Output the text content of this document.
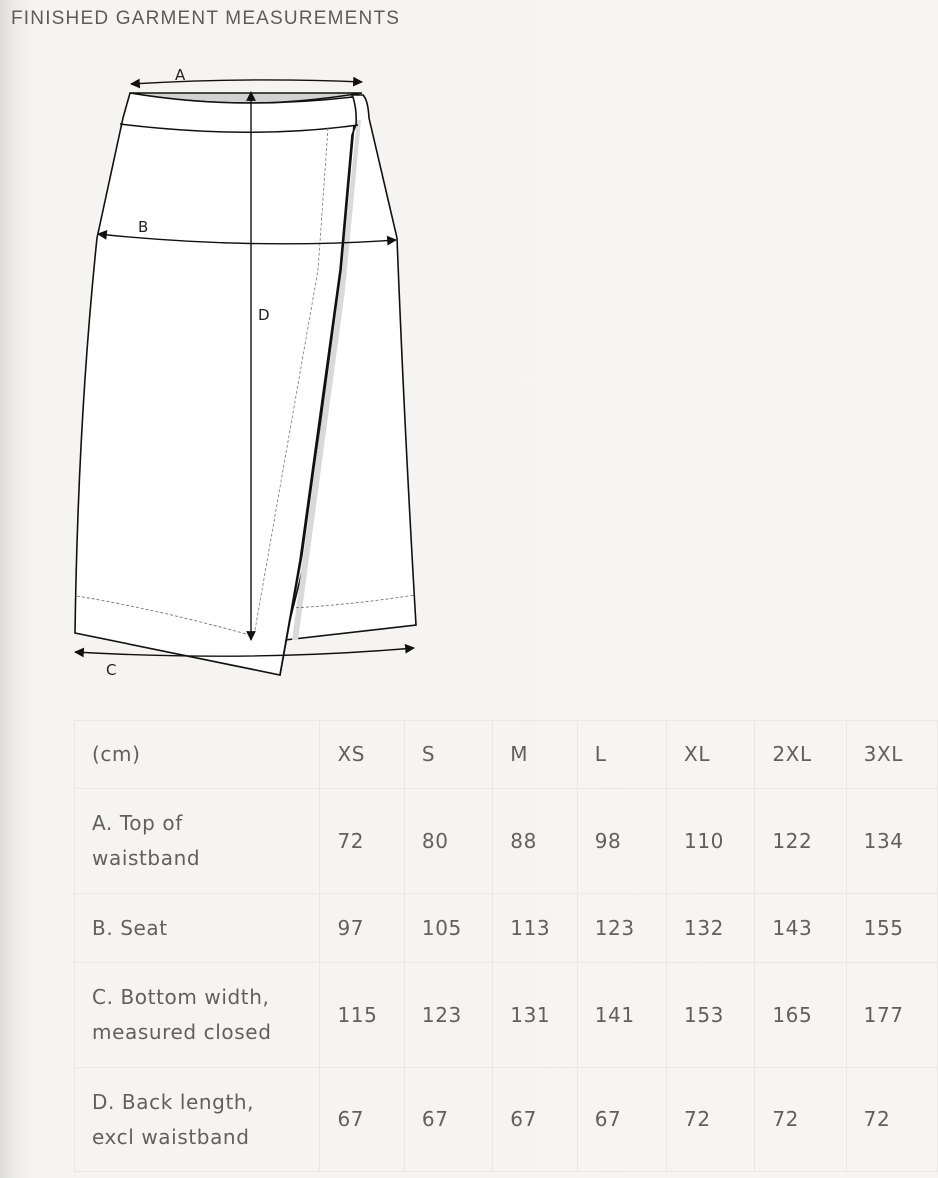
FINISHED GARMENT MEASUREMENTS
A
B
D
C
(cm)	XS	S	M	L	XL	2XL	3XL
A. Top of
waistband	72	80	88	98	110	122	134
B. Seat	97	105	113	123	132	143	155
C. Bottom width,
measured closed	115	123	131	141	153	165	177
D. Back length,
excl waistband	67	67	67	67	72	72	72
